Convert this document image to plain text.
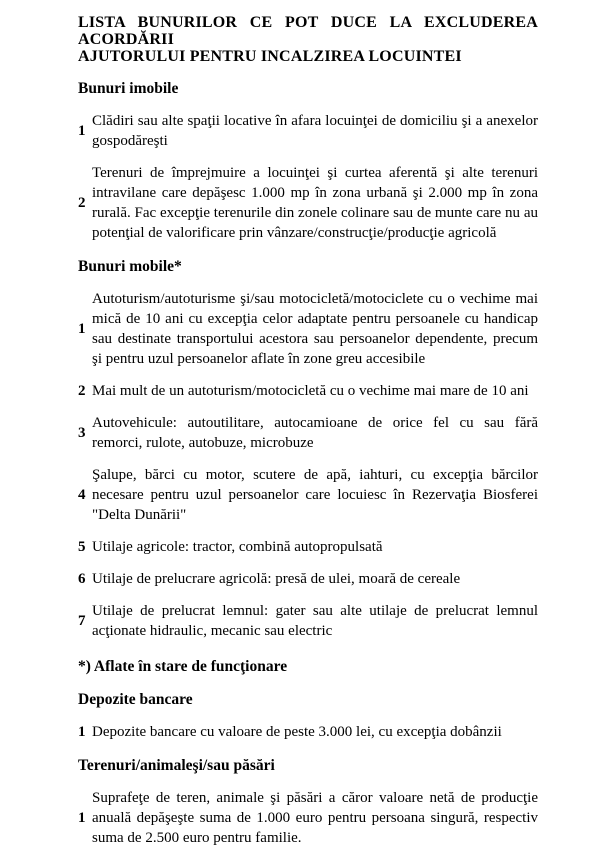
LISTA BUNURILOR CE POT DUCE LA EXCLUDEREA ACORDĂRII
AJUTORULUI PENTRU INCALZIREA LOCUINTEI
Bunuri imobile
1

Clădiri sau alte spaţii locative în afara locuinţei de domiciliu şi a anexelor gospodăreşti

2

Terenuri de împrejmuire a locuinţei şi curtea aferentă şi alte terenuri intravilane care depăşesc 1.000 mp în zona urbană şi 2.000 mp în zona rurală. Fac excepţie terenurile din zonele colinare sau de munte care nu au potenţial de valorificare prin vânzare/construcţie/producţie agricolă

Bunuri mobile*
1

Autoturism/autoturisme şi/sau motocicletă/motociclete cu o vechime mai mică de 10 ani cu excepţia celor adaptate pentru persoanele cu handicap sau destinate transportului acestora sau persoanelor dependente, precum şi pentru uzul persoanelor aflate în zone greu accesibile

2 Mai mult de un autoturism/motocicletă cu o vechime mai mare de 10 ani

3

Autovehicule: autoutilitare, autocamioane de orice fel cu sau fără remorci, rulote, autobuze, microbuze

4

Şalupe, bărci cu motor, scutere de apă, iahturi, cu excepţia bărcilor necesare pentru uzul persoanelor care locuiesc în Rezervaţia Biosferei "Delta Dunării"

5 Utilaje agricole: tractor, combină autopropulsată

6 Utilaje de prelucrare agricolă: presă de ulei, moară de cereale

7

Utilaje de prelucrat lemnul: gater sau alte utilaje de prelucrat lemnul acţionate hidraulic, mecanic sau electric

*) Aflate în stare de funcţionare
Depozite bancare
1 Depozite bancare cu valoare de peste 3.000 lei, cu excepţia dobânzii

Terenuri/animaleşi/sau păsări
1

Suprafeţe de teren, animale şi păsări a căror valoare netă de producţie anuală depăşeşte suma de 1.000 euro pentru persoana singură, respectiv suma de 2.500 euro pentru familie.
